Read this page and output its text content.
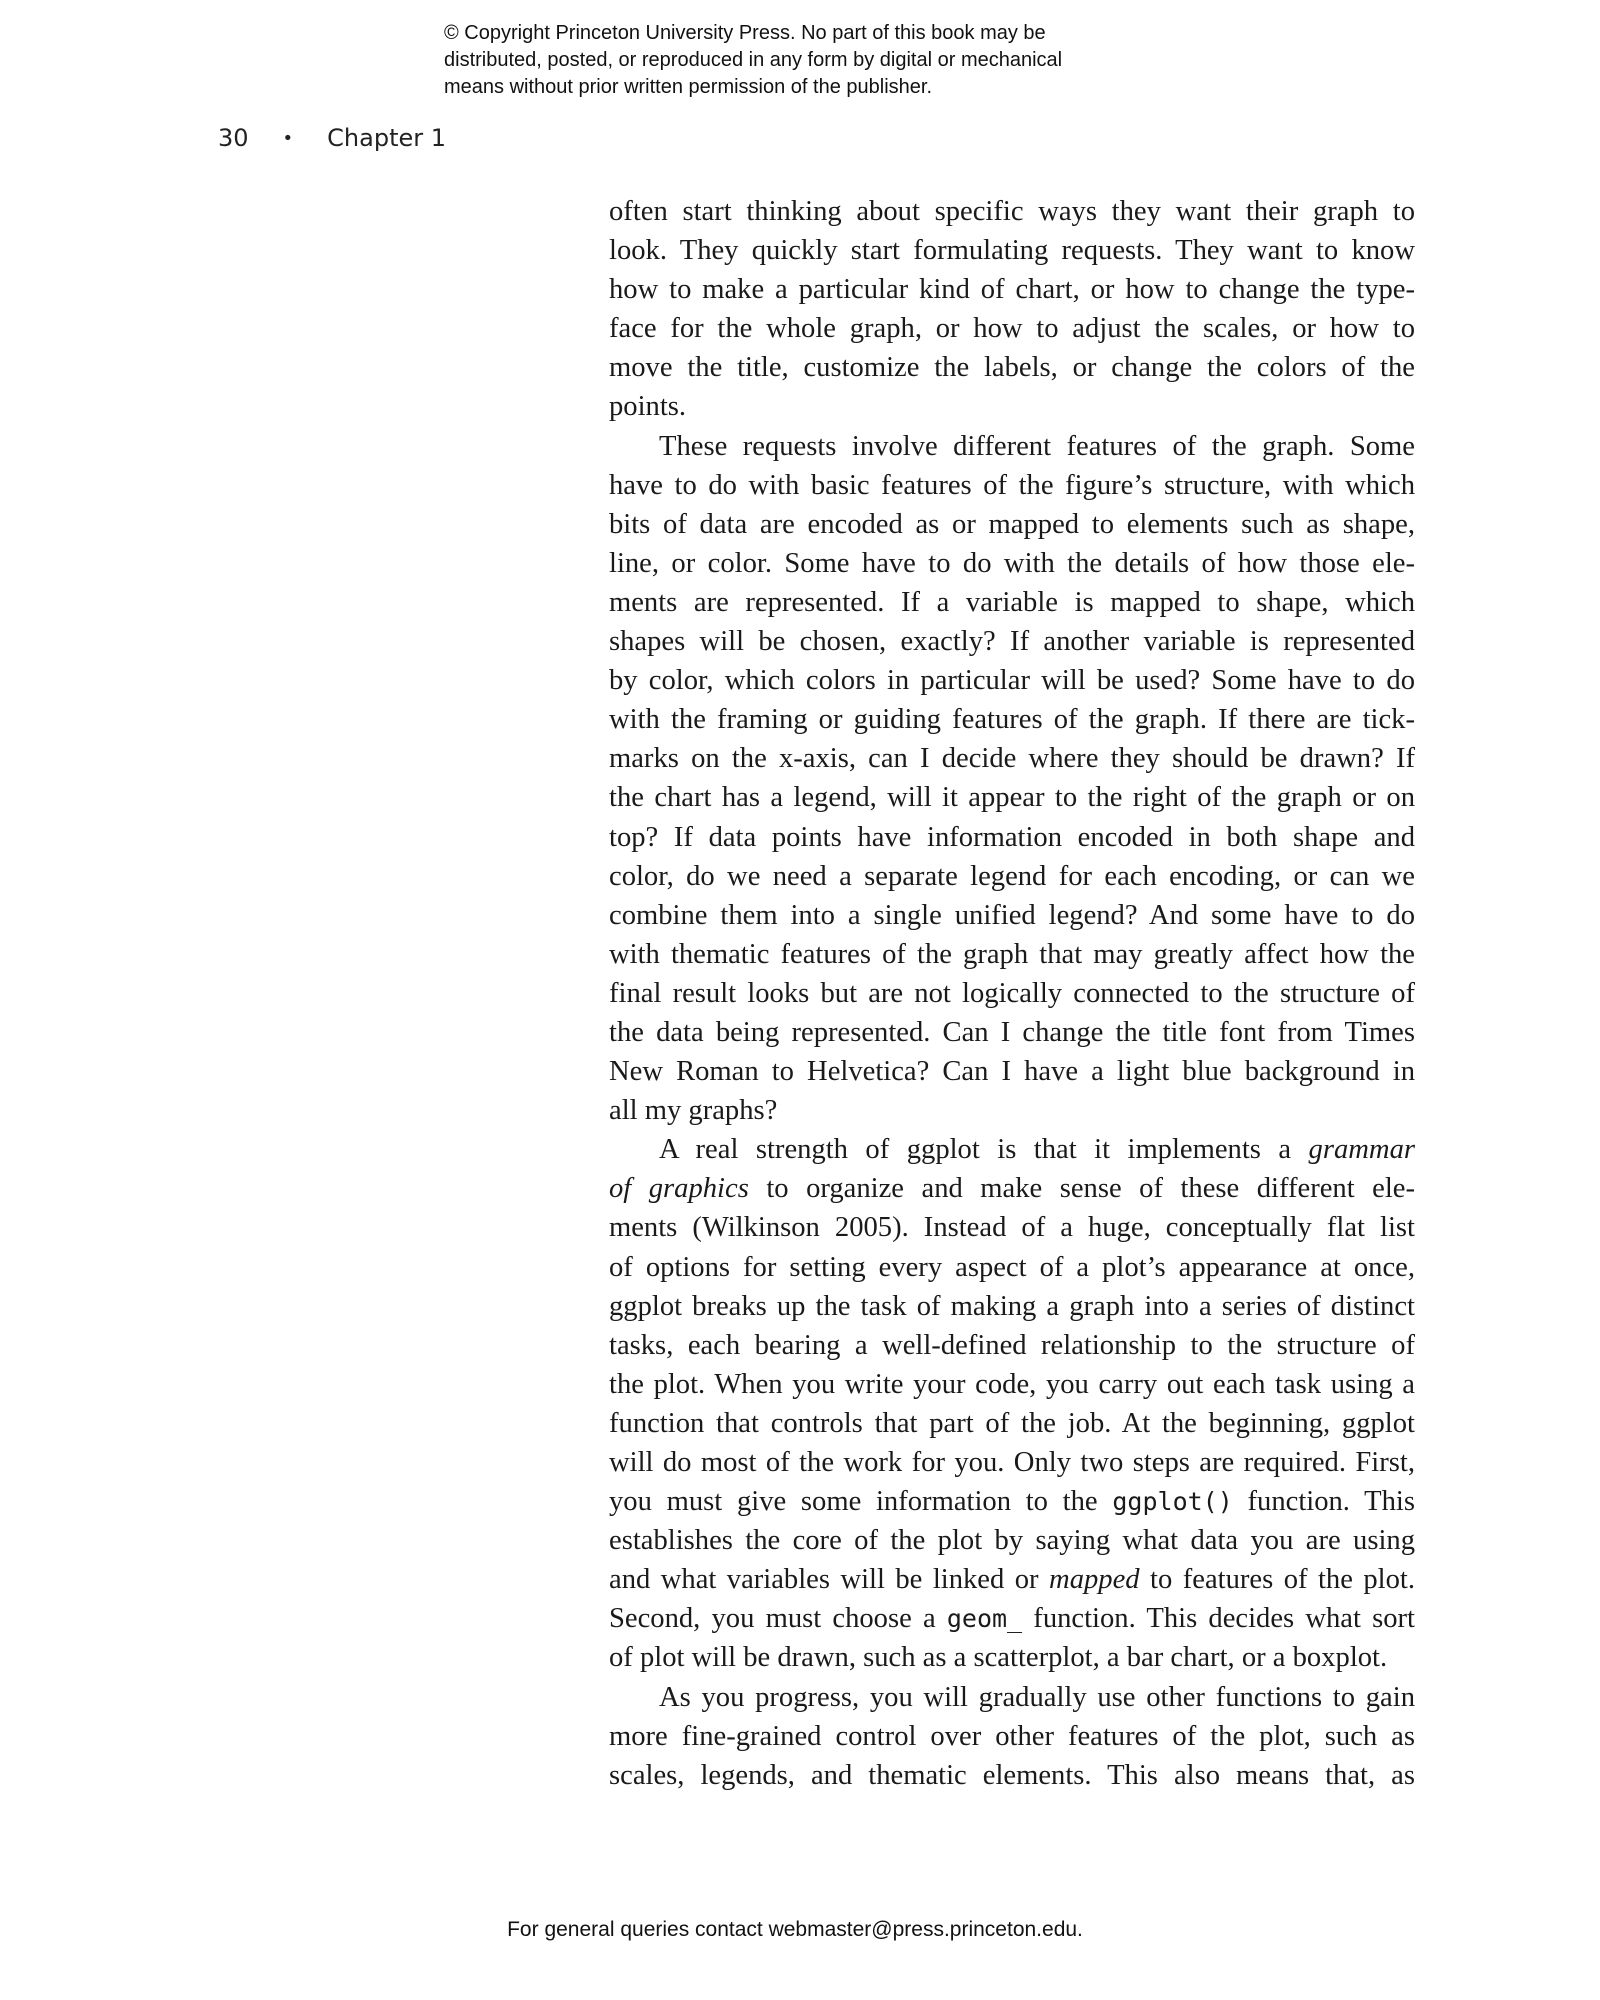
© Copyright Princeton University Press. No part of this book may be
distributed, posted, or reproduced in any form by digital or mechanical
means without prior written permission of the publisher.
30 • Chapter 1
often start thinking about specific ways they want their graph to
look. They quickly start formulating requests. They want to know
how to make a particular kind of chart, or how to change the type-
face for the whole graph, or how to adjust the scales, or how to
move the title, customize the labels, or change the colors of the
points.
These requests involve different features of the graph. Some
have to do with basic features of the figure’s structure, with which
bits of data are encoded as or mapped to elements such as shape,
line, or color. Some have to do with the details of how those ele-
ments are represented. If a variable is mapped to shape, which
shapes will be chosen, exactly? If another variable is represented
by color, which colors in particular will be used? Some have to do
with the framing or guiding features of the graph. If there are tick-
marks on the x-axis, can I decide where they should be drawn? If
the chart has a legend, will it appear to the right of the graph or on
top? If data points have information encoded in both shape and
color, do we need a separate legend for each encoding, or can we
combine them into a single unified legend? And some have to do
with thematic features of the graph that may greatly affect how the
final result looks but are not logically connected to the structure of
the data being represented. Can I change the title font from Times
New Roman to Helvetica? Can I have a light blue background in
all my graphs?
A real strength of ggplot is that it implements a grammar
of graphics to organize and make sense of these different ele-
ments (Wilkinson 2005). Instead of a huge, conceptually flat list
of options for setting every aspect of a plot’s appearance at once,
ggplot breaks up the task of making a graph into a series of distinct
tasks, each bearing a well-defined relationship to the structure of
the plot. When you write your code, you carry out each task using a
function that controls that part of the job. At the beginning, ggplot
will do most of the work for you. Only two steps are required. First,
you must give some information to the ggplot() function. This
establishes the core of the plot by saying what data you are using
and what variables will be linked or mapped to features of the plot.
Second, you must choose a geom_ function. This decides what sort
of plot will be drawn, such as a scatterplot, a bar chart, or a boxplot.
As you progress, you will gradually use other functions to gain
more fine-grained control over other features of the plot, such as
scales, legends, and thematic elements. This also means that, as
For general queries contact webmaster@press.princeton.edu.
